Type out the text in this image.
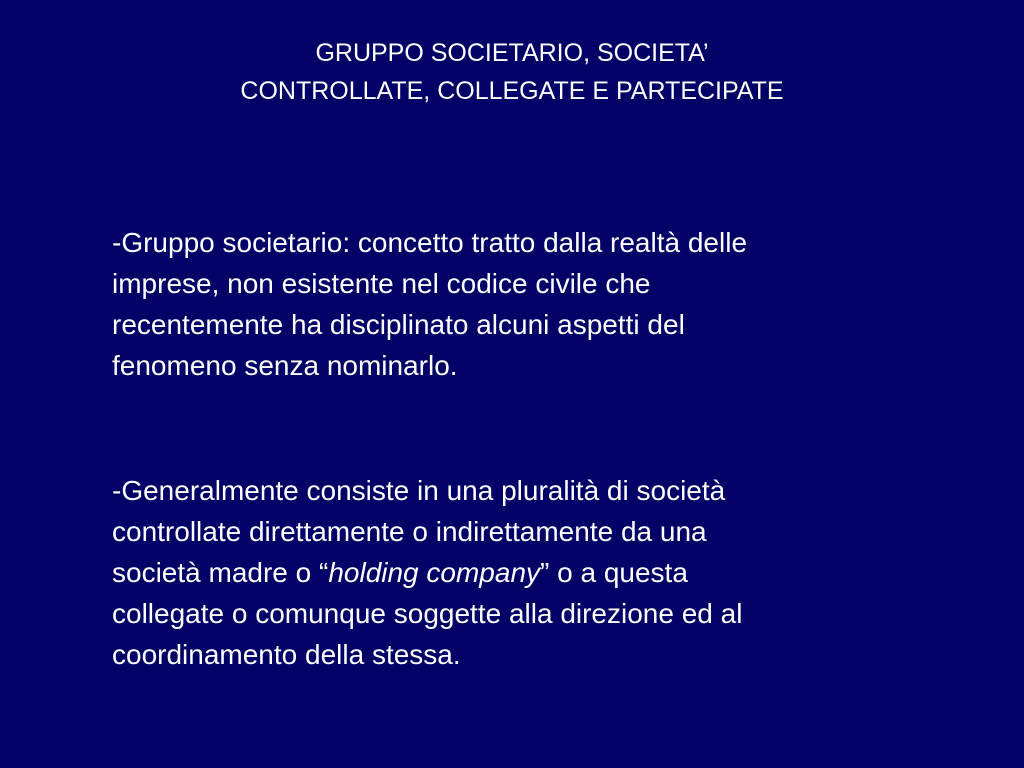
GRUPPO SOCIETARIO, SOCIETA’
CONTROLLATE, COLLEGATE E PARTECIPATE
-Gruppo societario: concetto tratto dalla realtà delle
imprese, non esistente nel codice civile che
recentemente ha disciplinato alcuni aspetti del
fenomeno senza nominarlo.
-Generalmente consiste in una pluralità di società
controllate direttamente o indirettamente da una
società madre o “holding company” o a questa
collegate o comunque soggette alla direzione ed al
coordinamento della stessa.
